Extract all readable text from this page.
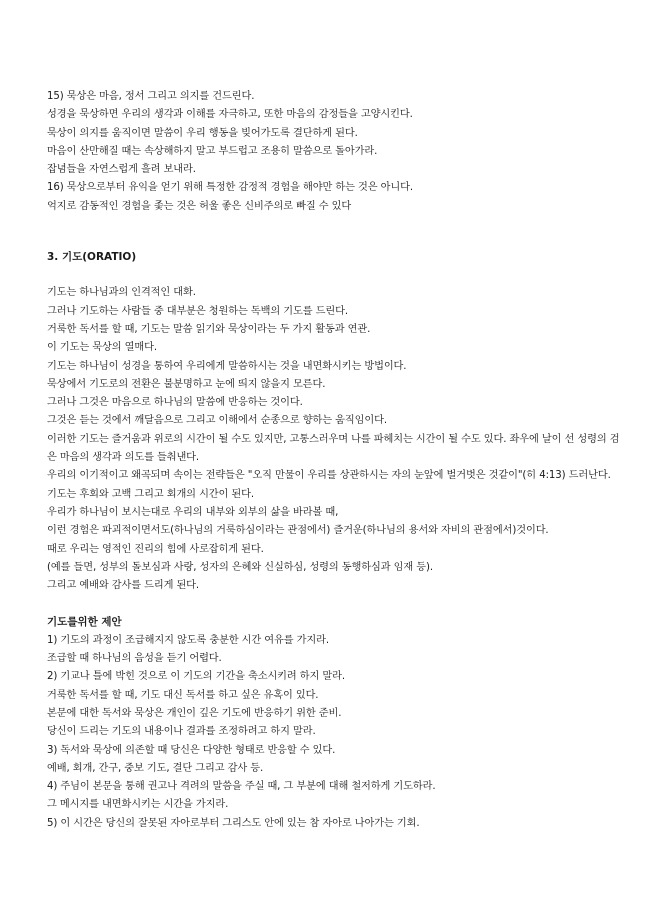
15) 묵상은 마음, 정서 그리고 의지를 건드린다.
성경을 묵상하면 우리의 생각과 이해를 자극하고, 또한 마음의 감정들을 고양시킨다.
묵상이 의지를 움직이면 말씀이 우리 행동을 빚어가도록 결단하게 된다.
마음이 산만해질 때는 속상해하지 말고 부드럽고 조용히 말씀으로 돌아가라.
잡념들을 자연스럽게 흘려 보내라.
16) 묵상으로부터 유익을 얻기 위해 특정한 감정적 경험을 해야만 하는 것은 아니다.
억지로 감동적인 경험을 좇는 것은 허울 좋은 신비주의로 빠질 수 있다
3. 기도(ORATIO)
기도는 하나님과의 인격적인 대화.
그러나 기도하는 사람들 중 대부분은 청원하는 독백의 기도를 드린다.
거룩한 독서를 할 때, 기도는 말씀 읽기와 묵상이라는 두 가지 활동과 연관.
이 기도는 묵상의 열매다.
기도는 하나님이 성경을 통하여 우리에게 말씀하시는 것을 내면화시키는 방법이다.
묵상에서 기도로의 전환은 불분명하고 눈에 띄지 않을지 모른다.
그러나 그것은 마음으로 하나님의 말씀에 반응하는 것이다.
그것은 듣는 것에서 깨달음으로 그리고 이해에서 순종으로 향하는 움직임이다.
이러한 기도는 즐거움과 위로의 시간이 될 수도 있지만, 고통스러우며 나를 파헤치는 시간이 될 수도 있다. 좌우에 날이 선 성령의 검은 마음의 생각과 의도를 들춰낸다.
우리의 이기적이고 왜곡되며 속이는 전략들은 "오직 만물이 우리를 상관하시는 자의 눈앞에 벌거벗은 것같이"(히 4:13) 드러난다.
기도는 후회와 고백 그리고 회개의 시간이 된다.
우리가 하나님이 보시는대로 우리의 내부와 외부의 삶을 바라볼 때,
이런 경험은 파괴적이면서도(하나님의 거룩하심이라는 관점에서) 즐거운(하나님의 용서와 자비의 관점에서)것이다.
때로 우리는 영적인 진리의 힘에 사로잡히게 된다.
(예를 들면, 성부의 돌보심과 사랑, 성자의 은혜와 신실하심, 성령의 동행하심과 임재 등).
그리고 예배와 감사를 드리게 된다.
기도를위한 제안
1) 기도의 과정이 조급해지지 않도록 충분한 시간 여유를 가지라.
조급할 때 하나님의 음성을 듣기 어렵다.
2) 기교나 틀에 박힌 것으로 이 기도의 기간을 축소시키려 하지 말라.
거룩한 독서를 할 때, 기도 대신 독서를 하고 싶은 유혹이 있다.
본문에 대한 독서와 묵상은 개인이 깊은 기도에 반응하기 위한 준비.
당신이 드리는 기도의 내용이나 결과를 조정하려고 하지 말라.
3) 독서와 묵상에 의존할 때 당신은 다양한 형태로 반응할 수 있다.
예배, 회개, 간구, 중보 기도, 결단 그리고 감사 등.
4) 주님이 본문을 통해 권고나 격려의 말씀을 주실 때, 그 부분에 대해 철저하게 기도하라.
그 메시지를 내면화시키는 시간을 가지라.
5) 이 시간은 당신의 잘못된 자아로부터 그리스도 안에 있는 참 자아로 나아가는 기회.
